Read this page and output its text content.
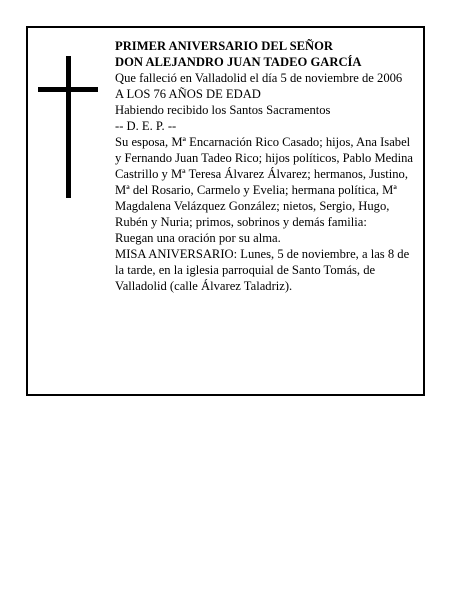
PRIMER ANIVERSARIO DEL SEÑOR
DON ALEJANDRO JUAN TADEO GARCÍA
Que falleció en Valladolid el día 5 de noviembre de 2006
A LOS 76 AÑOS DE EDAD
Habiendo recibido los Santos Sacramentos
-- D. E. P. --
Su esposa, Mª Encarnación Rico Casado; hijos, Ana Isabel y Fernando Juan Tadeo Rico; hijos políticos, Pablo Medina Castrillo y Mª Teresa Álvarez Álvarez; hermanos, Justino, Mª del Rosario, Carmelo y Evelia; hermana política, Mª Magdalena Velázquez González; nietos, Sergio, Hugo, Rubén y Nuria; primos, sobrinos y demás familia:
Ruegan una oración por su alma.
MISA ANIVERSARIO: Lunes, 5 de noviembre, a las 8 de la tarde, en la iglesia parroquial de Santo Tomás, de Valladolid (calle Álvarez Taladriz).
